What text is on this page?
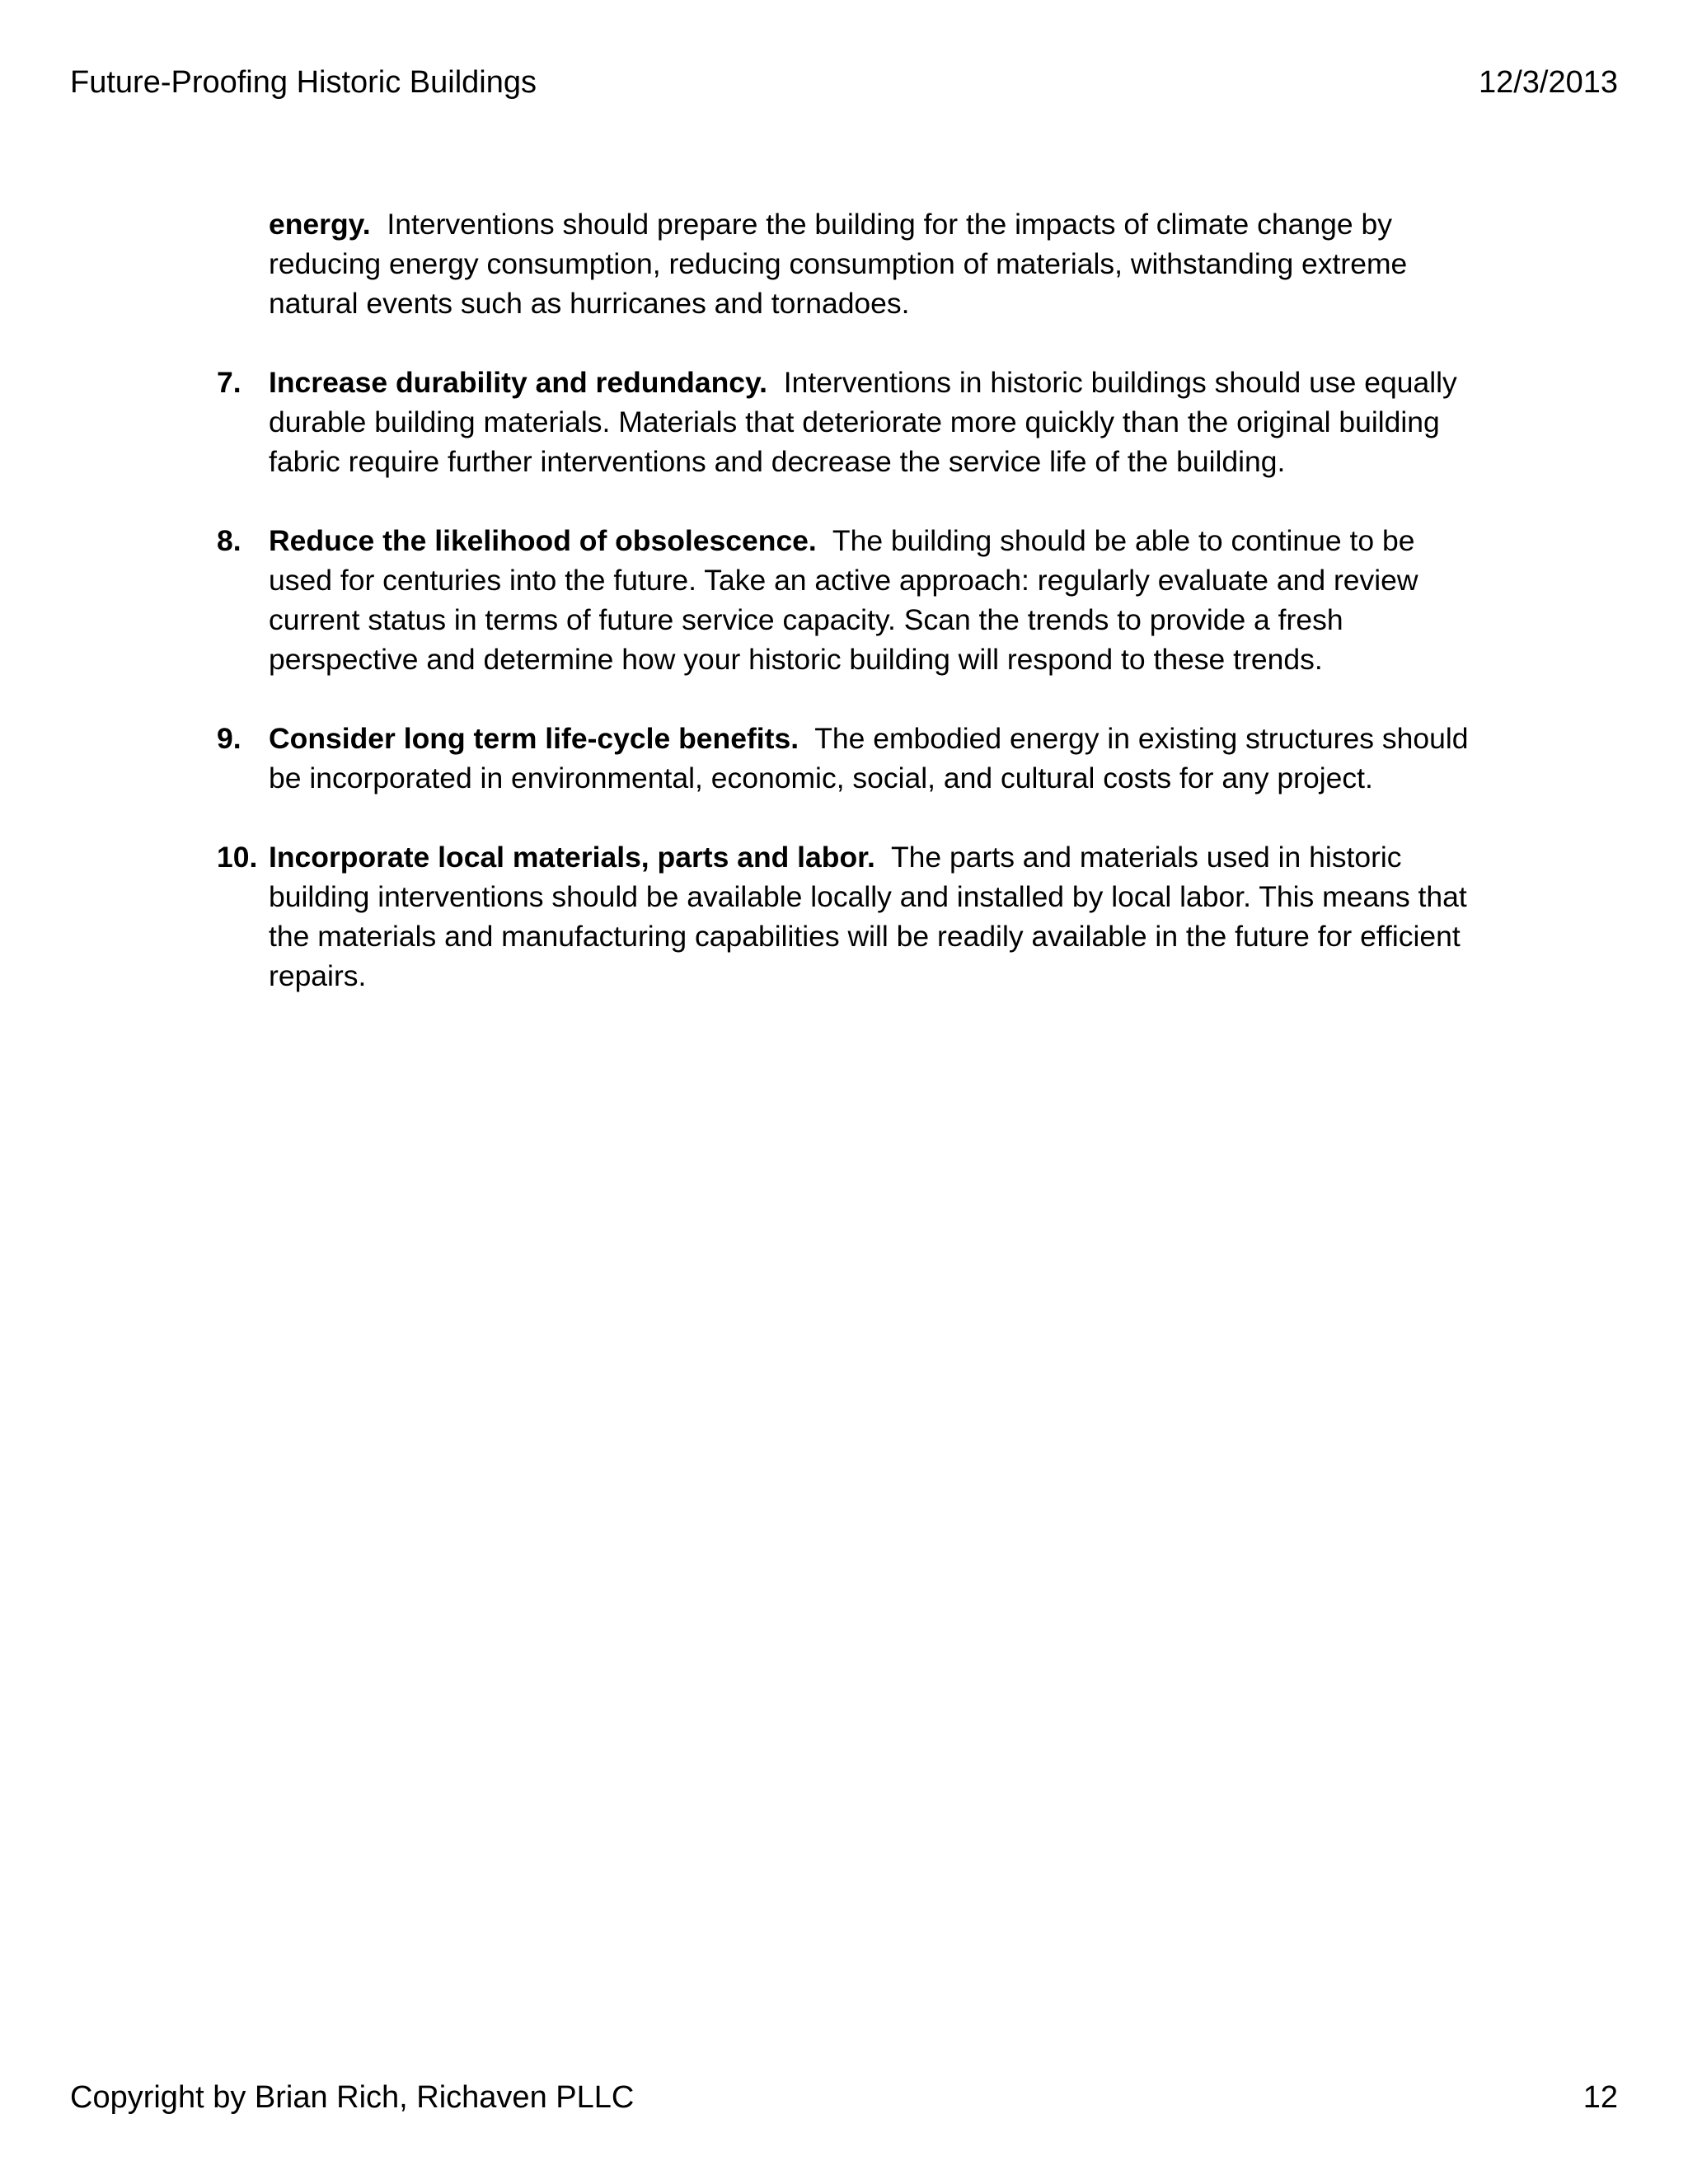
Future-Proofing Historic Buildings	12/3/2013

energy. Interventions should prepare the building for the impacts of climate change by reducing energy consumption, reducing consumption of materials, withstanding extreme natural events such as hurricanes and tornadoes.

7. Increase durability and redundancy. Interventions in historic buildings should use equally durable building materials. Materials that deteriorate more quickly than the original building fabric require further interventions and decrease the service life of the building.

8. Reduce the likelihood of obsolescence. The building should be able to continue to be used for centuries into the future. Take an active approach: regularly evaluate and review current status in terms of future service capacity. Scan the trends to provide a fresh perspective and determine how your historic building will respond to these trends.

9. Consider long term life-cycle benefits. The embodied energy in existing structures should be incorporated in environmental, economic, social, and cultural costs for any project.

10. Incorporate local materials, parts and labor. The parts and materials used in historic building interventions should be available locally and installed by local labor. This means that the materials and manufacturing capabilities will be readily available in the future for efficient repairs.

Copyright by Brian Rich, Richaven PLLC	12
